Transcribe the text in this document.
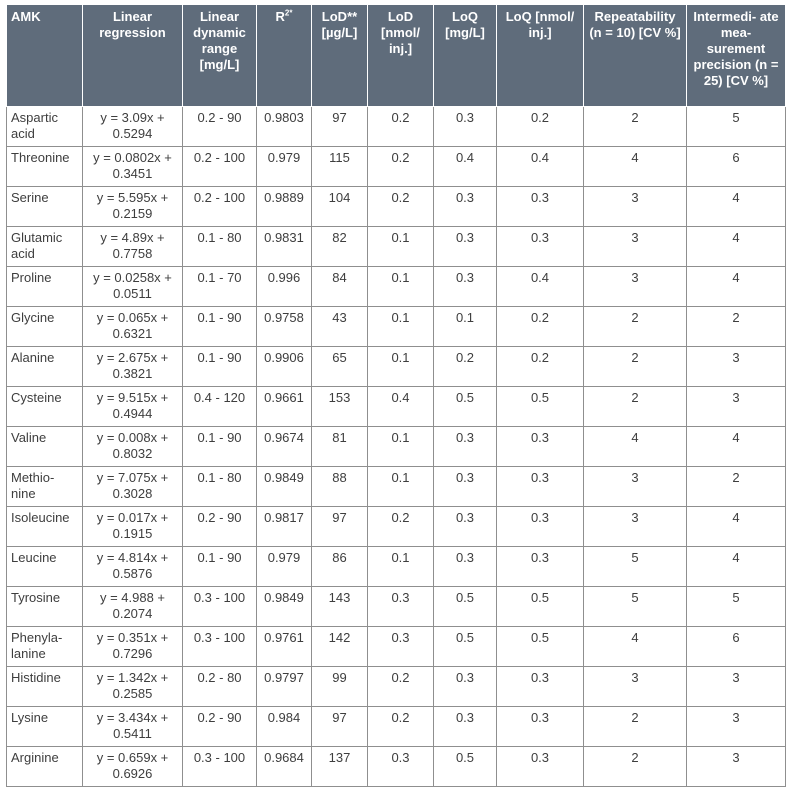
AMK	Linear regression	Linear dynamic range [mg/L]	$R^{2*}$	LoD** [µg/L]	LoD [nmol/ inj.]	LoQ [mg/L]	LoQ [nmol/ inj.]	Repeatability (n = 10) [CV %]	Intermedi- ate mea- surement precision (n = 25) [CV %]
Aspartic acid	y = 3.09x + 0.5294	0.2 - 90	0.9803	97	0.2	0.3	0.2	2	5
Threonine	y = 0.0802x + 0.3451	0.2 - 100	0.979	115	0.2	0.4	0.4	4	6
Serine	y = 5.595x + 0.2159	0.2 - 100	0.9889	104	0.2	0.3	0.3	3	4
Glutamic acid	y = 4.89x + 0.7758	0.1 - 80	0.9831	82	0.1	0.3	0.3	3	4
Proline	y = 0.0258x + 0.0511	0.1 - 70	0.996	84	0.1	0.3	0.4	3	4
Glycine	y = 0.065x + 0.6321	0.1 - 90	0.9758	43	0.1	0.1	0.2	2	2
Alanine	y = 2.675x + 0.3821	0.1 - 90	0.9906	65	0.1	0.2	0.2	2	3
Cysteine	y = 9.515x + 0.4944	0.4 - 120	0.9661	153	0.4	0.5	0.5	2	3
Valine	y = 0.008x + 0.8032	0.1 - 90	0.9674	81	0.1	0.3	0.3	4	4
Methio- nine	y = 7.075x + 0.3028	0.1 - 80	0.9849	88	0.1	0.3	0.3	3	2
Isoleucine	y = 0.017x + 0.1915	0.2 - 90	0.9817	97	0.2	0.3	0.3	3	4
Leucine	y = 4.814x + 0.5876	0.1 - 90	0.979	86	0.1	0.3	0.3	5	4
Tyrosine	y = 4.988 + 0.2074	0.3 - 100	0.9849	143	0.3	0.5	0.5	5	5
Phenyla- lanine	y = 0.351x + 0.7296	0.3 - 100	0.9761	142	0.3	0.5	0.5	4	6
Histidine	y = 1.342x + 0.2585	0.2 - 80	0.9797	99	0.2	0.3	0.3	3	3
Lysine	y = 3.434x + 0.5411	0.2 - 90	0.984	97	0.2	0.3	0.3	2	3
Arginine	y = 0.659x + 0.6926	0.3 - 100	0.9684	137	0.3	0.5	0.3	2	3
